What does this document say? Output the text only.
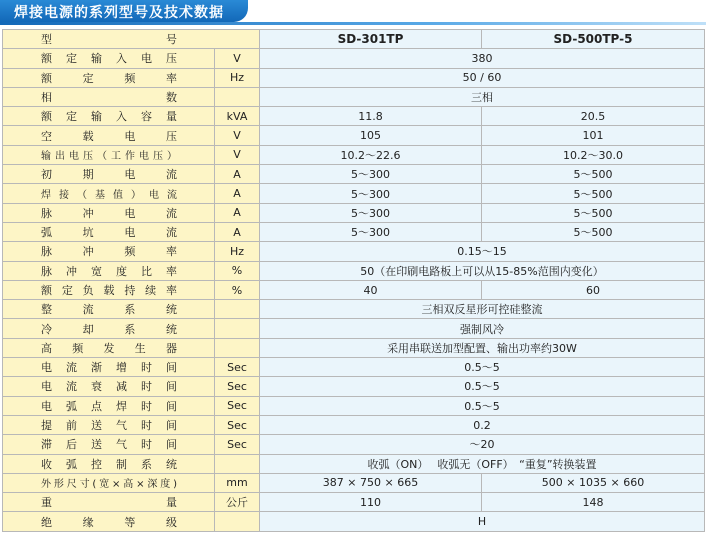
焊接电源的系列型号及技术数据
型号		SD-301TP	SD-500TP-5

额定输入电压	V	380	

额定频率	Hz	50 / 60	

相数		三相	

额定输入容量	kVA	11.8	20.5

空载电压	V	105	101

输出电压（工作电压）	V	10.2～22.6	10.2～30.0

初期电流	A	5～300	5～500

焊接（基值）电流	A	5～300	5～500

脉冲电流	A	5～300	5～500

弧坑电流	A	5～300	5～500

脉冲频率	Hz	0.15～15	

脉冲宽度比率	%	50（在印刷电路板上可以从15-85%范围内变化）	

额定负载持续率	%	40	60

整流系统		三相双反星形可控硅整流	

冷却系统		强制风冷	

高频发生器		采用串联送加型配置、输出功率约30W	

电流渐增时间	Sec	0.5～5	

电流衰减时间	Sec	0.5～5	

电弧点焊时间	Sec	0.5～5	

提前送气时间	Sec	0.2	

滞后送气时间	Sec	～20	

收弧控制系统		收弧（ON）　 收弧无（OFF）　“重复”转换装置	

外形尺寸(宽×高×深度)	mm	387 × 750 × 665	500 × 1035 × 660

重量	公斤	110	148

绝缘等级		H	
